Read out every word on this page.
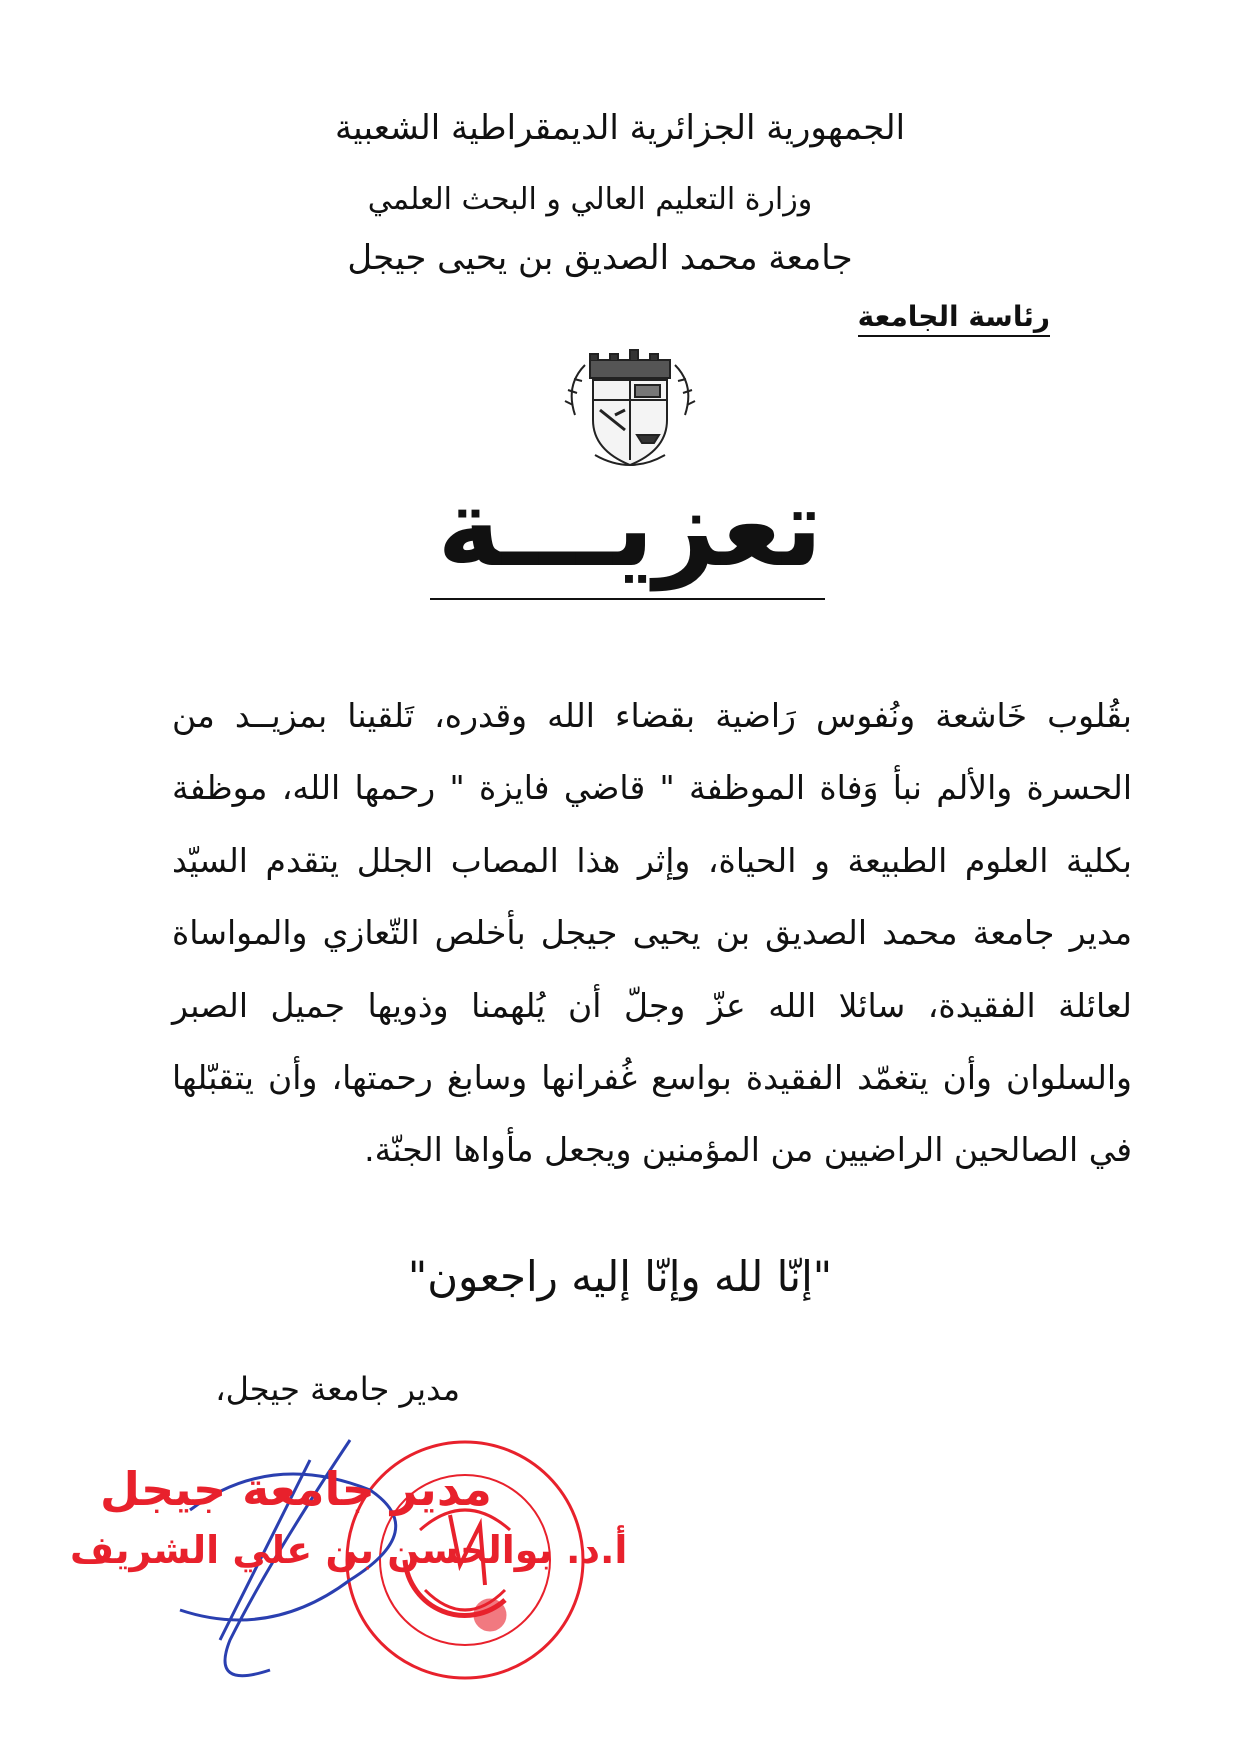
الجمهورية الجزائرية الديمقراطية الشعبية
وزارة التعليم العالي و البحث العلمي
جامعة محمد الصديق بن يحيى جيجل
رئاسة الجامعة
تعزيـــة
بقُلوب خَاشعة ونُفوس رَاضية بقضاء الله وقدره، تَلقينا بمزيــد من الحسرة والألم نبأ وَفاة الموظفة " قاضي فايزة " رحمها الله، موظفة بكلية العلوم الطبيعة و الحياة، وإثر هذا المصاب الجلل يتقدم السيّد مدير جامعة محمد الصديق بن يحيى جيجل بأخلص التّعازي والمواساة لعائلة الفقيدة، سائلا الله عزّ وجلّ أن يُلهمنا وذويها جميل الصبر والسلوان وأن يتغمّد الفقيدة بواسع غُفرانها وسابغ رحمتها، وأن يتقبّلها في الصالحين الراضيين من المؤمنين ويجعل مأواها الجنّة.
"إنّا لله وإنّا إليه راجعون"
مدير جامعة جيجل،
مدير جامعة جيجل
أ.د. بوالحسن بن علي الشريف
